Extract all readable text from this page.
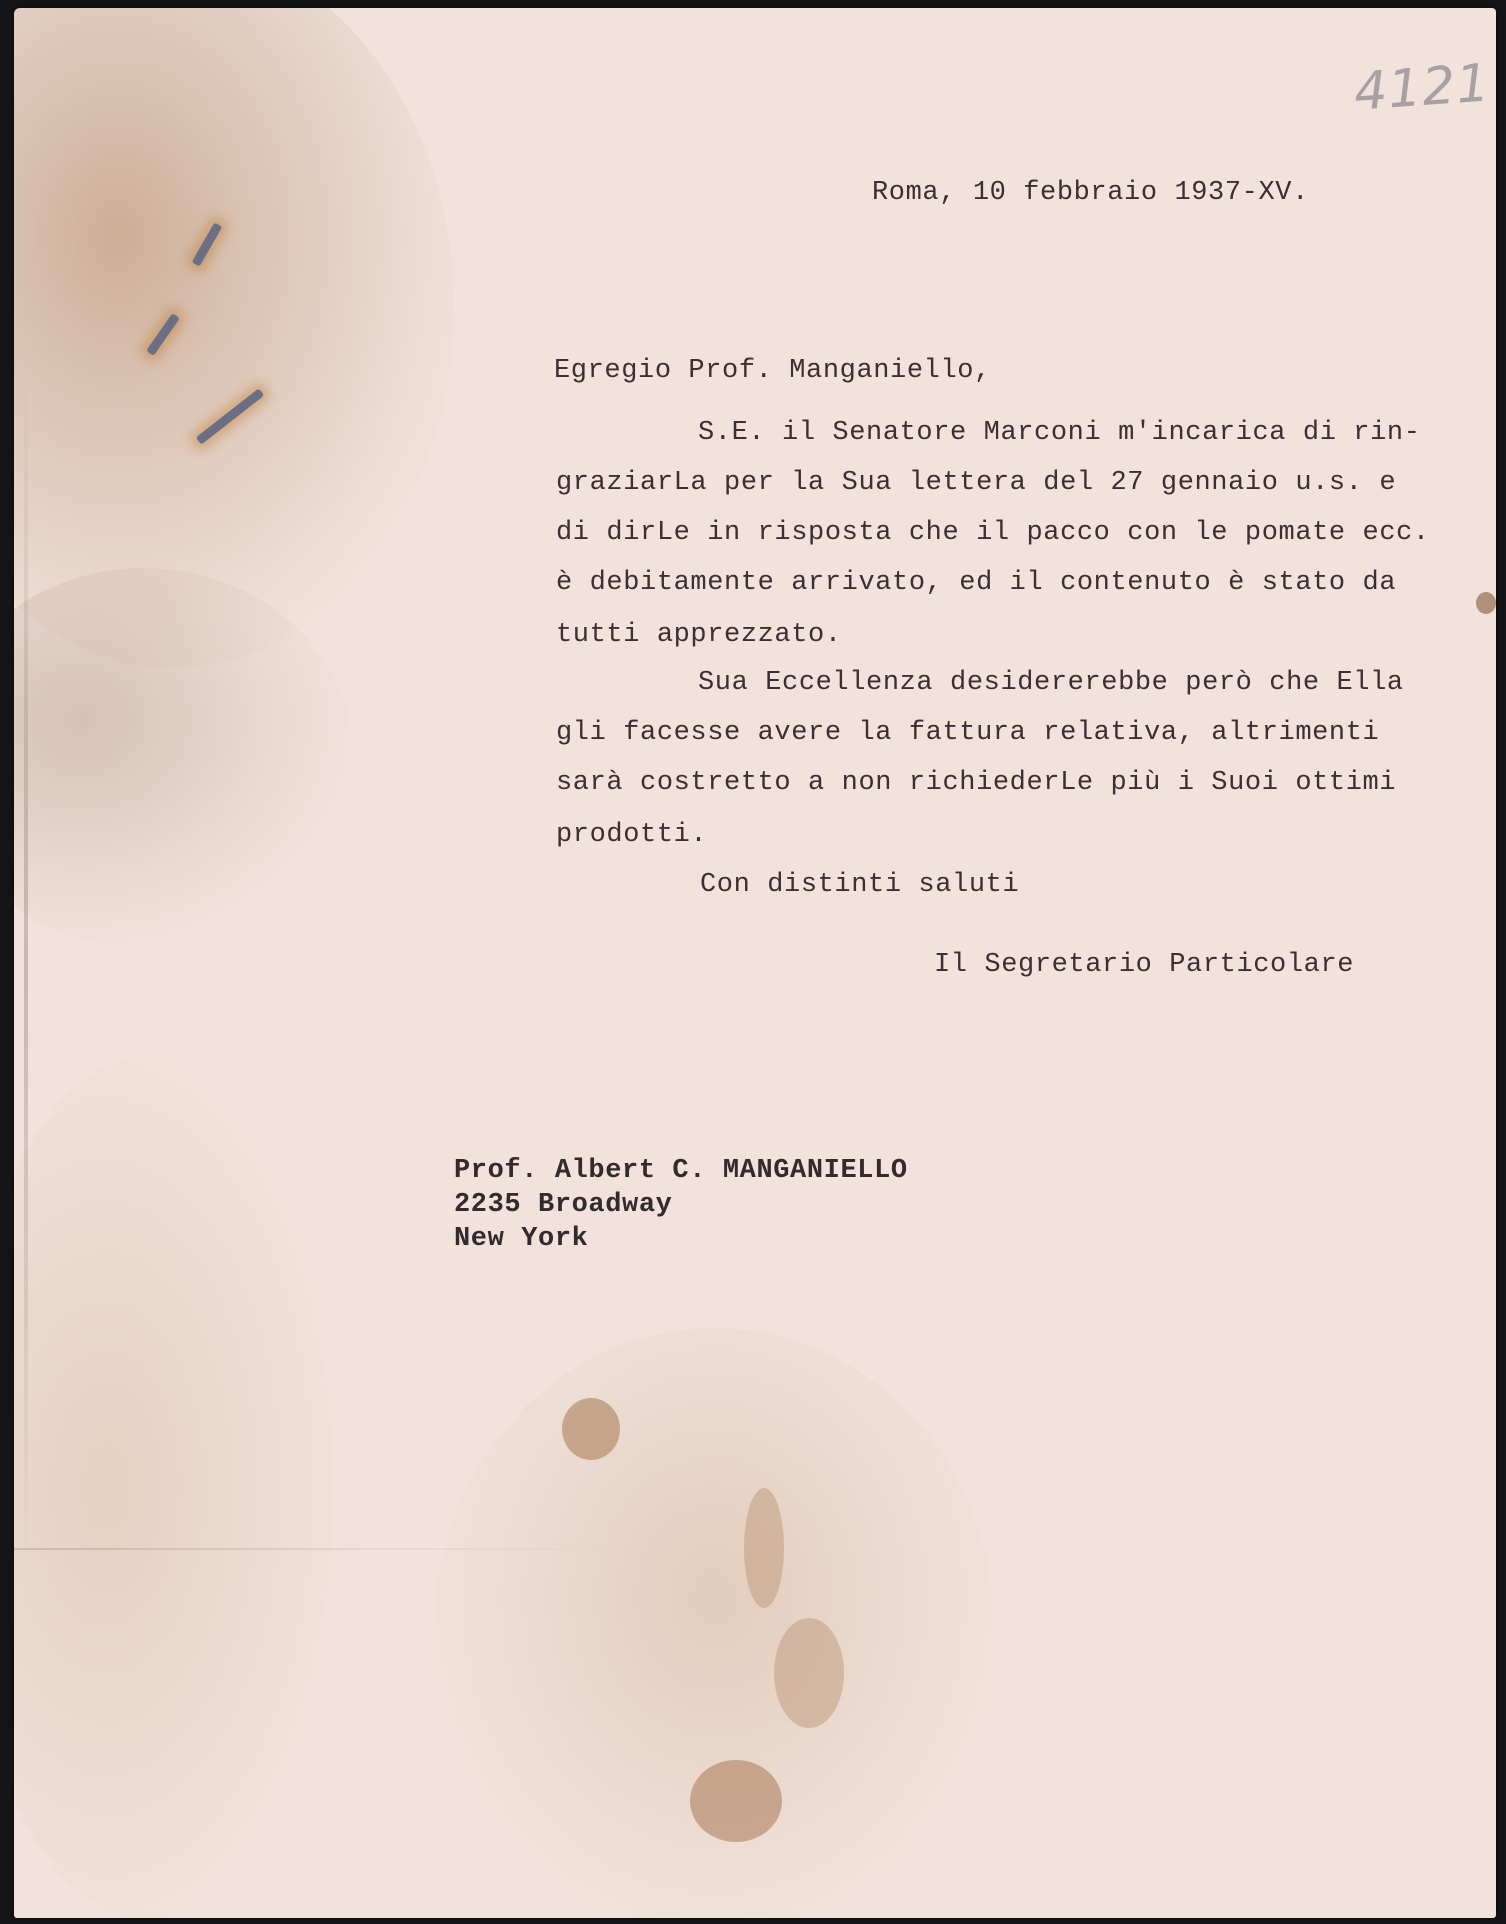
4121
Roma, 10 febbraio 1937-XV.
Egregio Prof. Manganiello,
S.E. il Senatore Marconi m'incarica di rin-
graziarLa per la Sua lettera del 27 gennaio u.s. e
di dirLe in risposta che il pacco con le pomate ecc.
è debitamente arrivato, ed il contenuto è stato da
tutti apprezzato.
Sua Eccellenza desidererebbe però che Ella
gli facesse avere la fattura relativa, altrimenti
sarà costretto a non richiederLe più i Suoi ottimi
prodotti.
Con distinti saluti
Il Segretario Particolare
Prof. Albert C. MANGANIELLO
2235 Broadway
New York
